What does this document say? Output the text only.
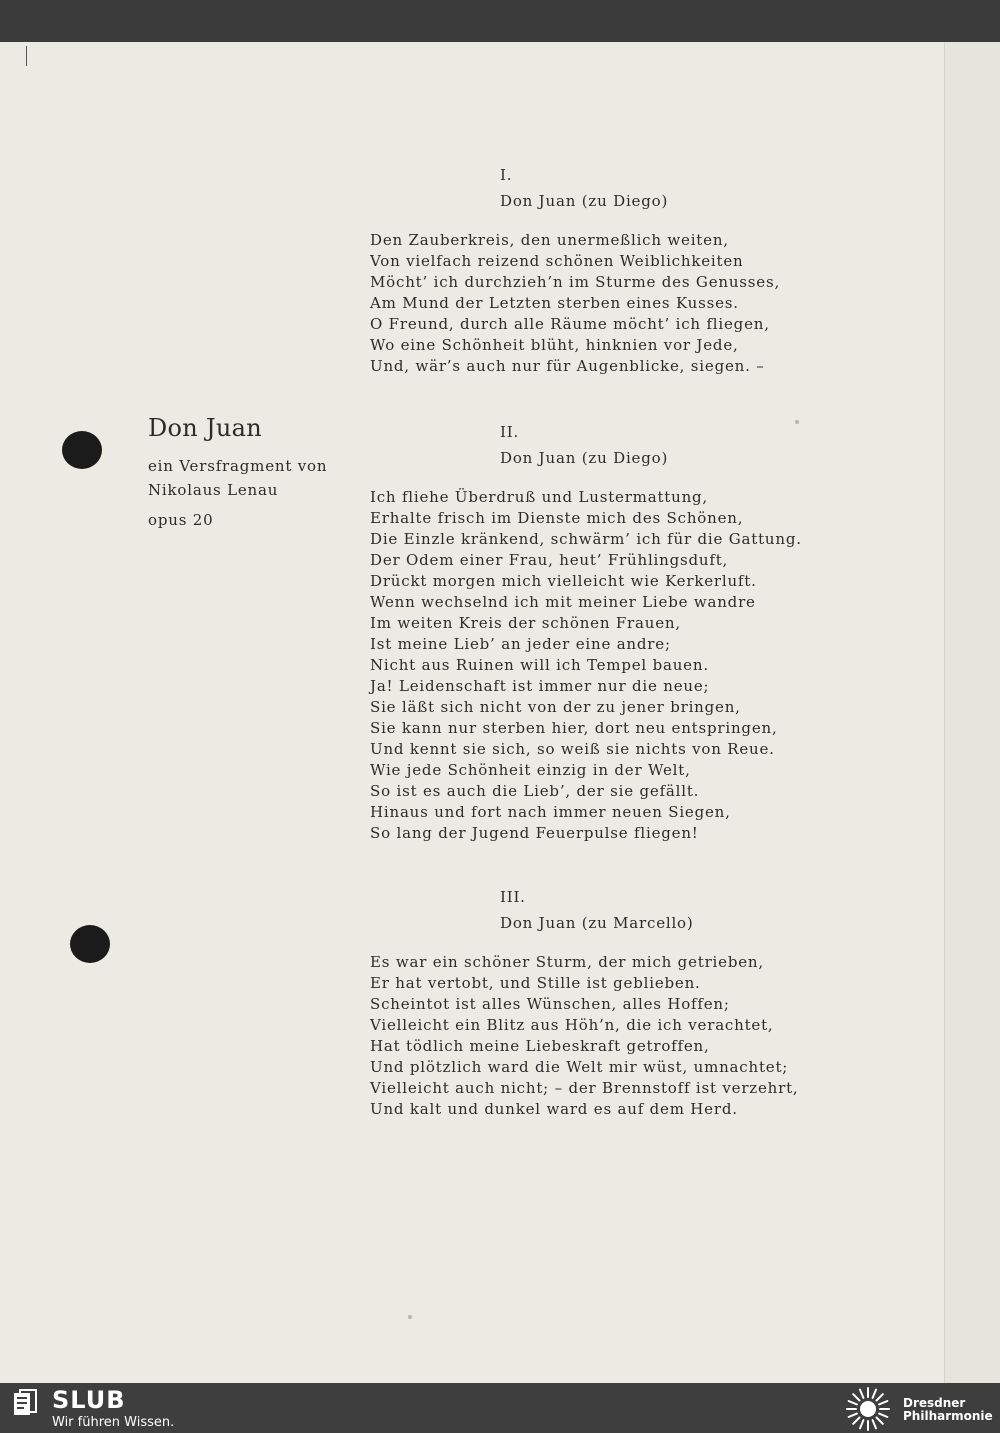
Don Juan

ein Versfragment von

Nikolaus Lenau

opus 20

I.
Don Juan (zu Diego)
Den Zauberkreis, den unermeßlich weiten,
Von vielfach reizend schönen Weiblichkeiten
Möcht’ ich durchzieh’n im Sturme des Genusses,
Am Mund der Letzten sterben eines Kusses.
O Freund, durch alle Räume möcht’ ich fliegen,
Wo eine Schönheit blüht, hinknien vor Jede,
Und, wär’s auch nur für Augenblicke, siegen. –
II.
Don Juan (zu Diego)
Ich fliehe Überdruß und Lustermattung,
Erhalte frisch im Dienste mich des Schönen,
Die Einzle kränkend, schwärm’ ich für die Gattung.
Der Odem einer Frau, heut’ Frühlingsduft,
Drückt morgen mich vielleicht wie Kerkerluft.
Wenn wechselnd ich mit meiner Liebe wandre
Im weiten Kreis der schönen Frauen,
Ist meine Lieb’ an jeder eine andre;
Nicht aus Ruinen will ich Tempel bauen.
Ja! Leidenschaft ist immer nur die neue;
Sie läßt sich nicht von der zu jener bringen,
Sie kann nur sterben hier, dort neu entspringen,
Und kennt sie sich, so weiß sie nichts von Reue.
Wie jede Schönheit einzig in der Welt,
So ist es auch die Lieb’, der sie gefällt.
Hinaus und fort nach immer neuen Siegen,
So lang der Jugend Feuerpulse fliegen!
III.
Don Juan (zu Marcello)
Es war ein schöner Sturm, der mich getrieben,
Er hat vertobt, und Stille ist geblieben.
Scheintot ist alles Wünschen, alles Hoffen;
Vielleicht ein Blitz aus Höh’n, die ich verachtet,
Hat tödlich meine Liebeskraft getroffen,
Und plötzlich ward die Welt mir wüst, umnachtet;
Vielleicht auch nicht; – der Brennstoff ist verzehrt,
Und kalt und dunkel ward es auf dem Herd.

SLUB

Wir führen Wissen.

Dresdner

Philharmonie
